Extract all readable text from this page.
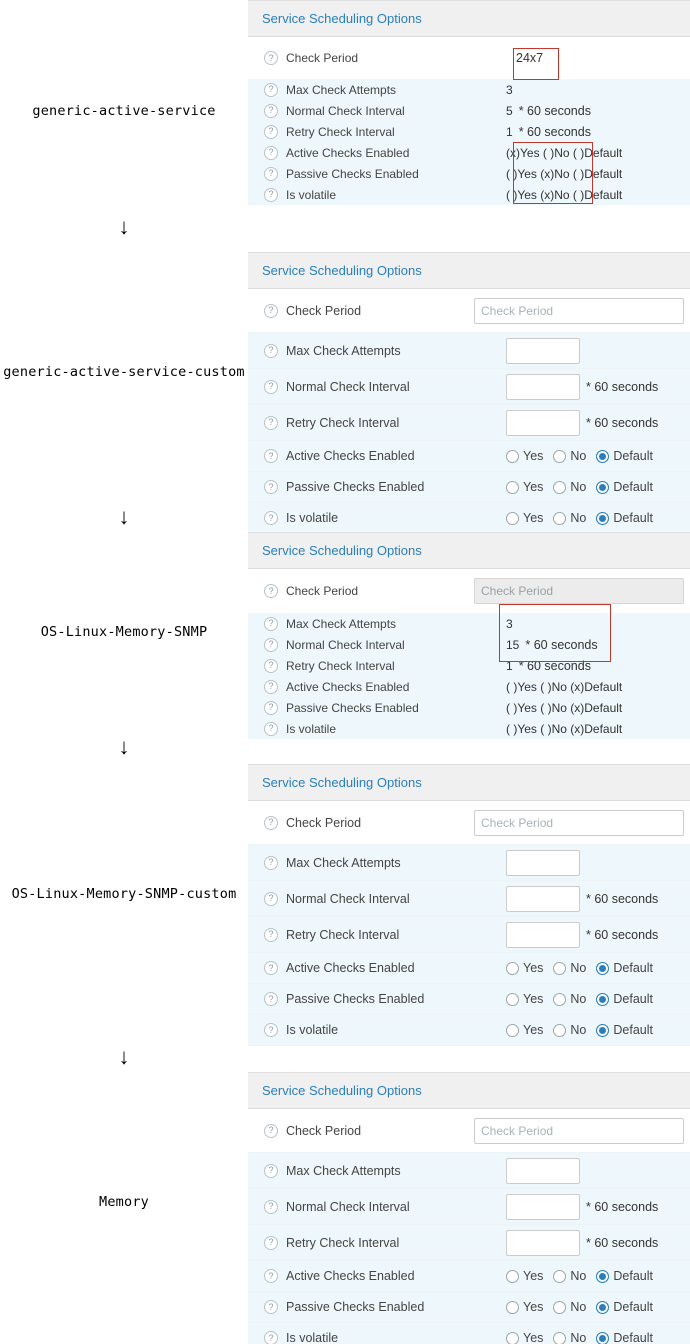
generic-active-service
↓
generic-active-service-custom
↓
OS-Linux-Memory-SNMP
↓
OS-Linux-Memory-SNMP-custom
↓
Memory
Service Scheduling Options
?	Check Period	24x7
?	Max Check Attempts	3
?	Normal Check Interval	5 * 60 seconds
?	Retry Check Interval	1 * 60 seconds
?	Active Checks Enabled	(x)Yes ( )No ( )Default
?	Passive Checks Enabled	( )Yes (x)No ( )Default
?	Is volatile	( )Yes (x)No ( )Default
Service Scheduling Options
?	Check Period	Check Period
?	Max Check Attempts
?	Normal Check Interval	* 60 seconds
?	Retry Check Interval	* 60 seconds
?	Active Checks Enabled	Yes No Default
?	Passive Checks Enabled	Yes No Default
?	Is volatile	Yes No Default
Service Scheduling Options
?	Check Period	Check Period
?	Max Check Attempts	3
?	Normal Check Interval	15 * 60 seconds
?	Retry Check Interval	1 * 60 seconds
?	Active Checks Enabled	( )Yes ( )No (x)Default
?	Passive Checks Enabled	( )Yes ( )No (x)Default
?	Is volatile	( )Yes ( )No (x)Default
Service Scheduling Options
?	Check Period	Check Period
?	Max Check Attempts
?	Normal Check Interval	* 60 seconds
?	Retry Check Interval	* 60 seconds
?	Active Checks Enabled	Yes No Default
?	Passive Checks Enabled	Yes No Default
?	Is volatile	Yes No Default
Service Scheduling Options
?	Check Period	Check Period
?	Max Check Attempts
?	Normal Check Interval	* 60 seconds
?	Retry Check Interval	* 60 seconds
?	Active Checks Enabled	Yes No Default
?	Passive Checks Enabled	Yes No Default
?	Is volatile	Yes No Default
